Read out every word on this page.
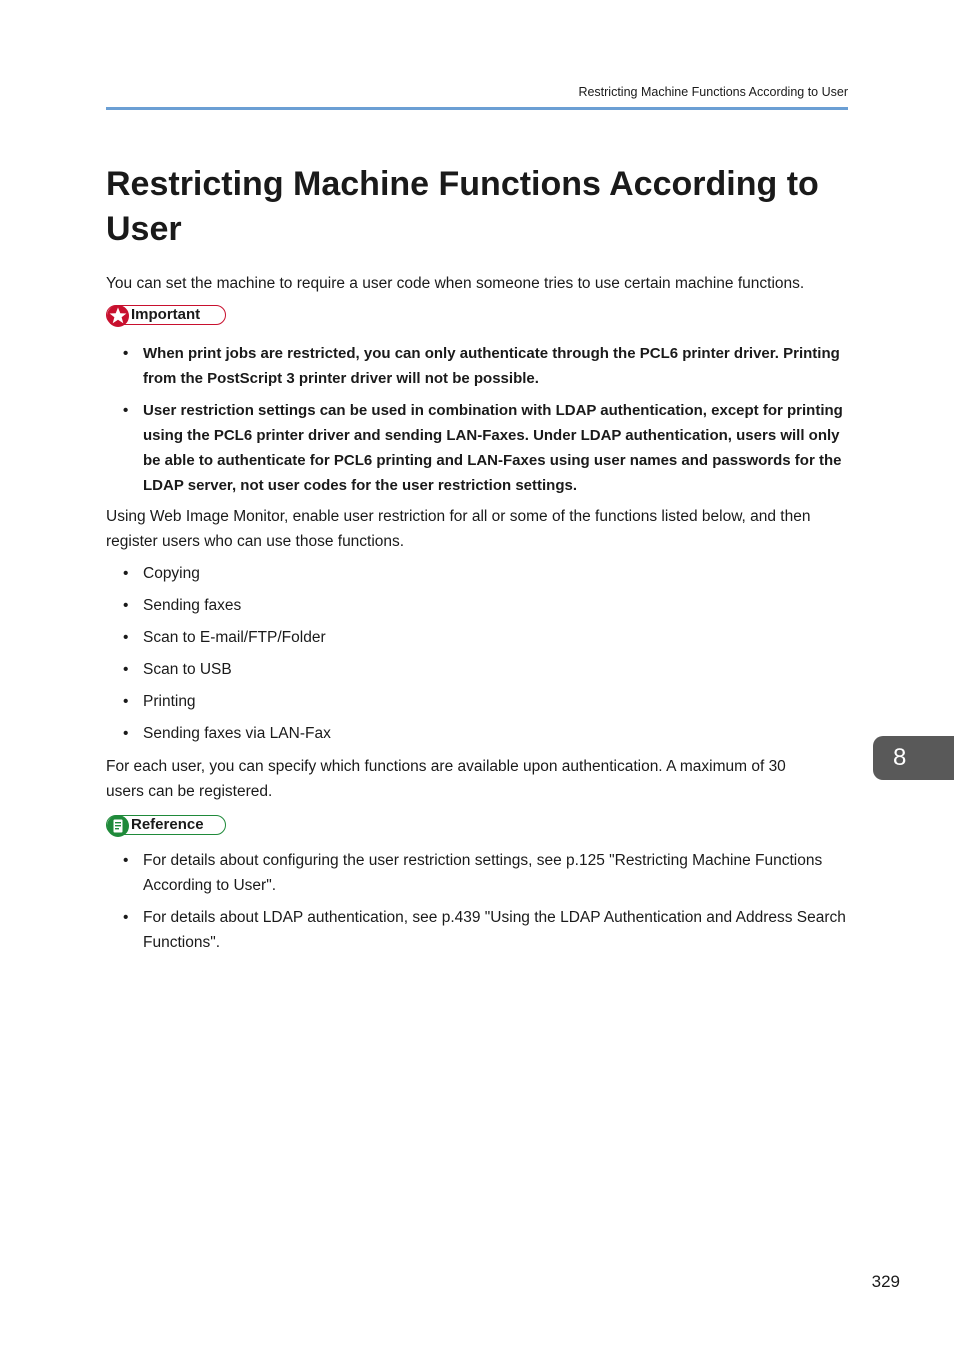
Restricting Machine Functions According to User
Restricting Machine Functions According to User

You can set the machine to require a user code when someone tries to use certain machine functions.

Important
• When print jobs are restricted, you can only authenticate through the PCL6 printer driver. Printing from the PostScript 3 printer driver will not be possible.
• User restriction settings can be used in combination with LDAP authentication, except for printing using the PCL6 printer driver and sending LAN-Faxes. Under LDAP authentication, users will only be able to authenticate for PCL6 printing and LAN-Faxes using user names and passwords for the LDAP server, not user codes for the user restriction settings.

Using Web Image Monitor, enable user restriction for all or some of the functions listed below, and then register users who can use those functions.

• Copying
• Sending faxes
• Scan to E-mail/FTP/Folder
• Scan to USB
• Printing
• Sending faxes via LAN-Fax

For each user, you can specify which functions are available upon authentication. A maximum of 30 users can be registered.

Reference
• For details about configuring the user restriction settings, see p.125 "Restricting Machine Functions According to User".
• For details about LDAP authentication, see p.439 "Using the LDAP Authentication and Address Search Functions".
8
329
